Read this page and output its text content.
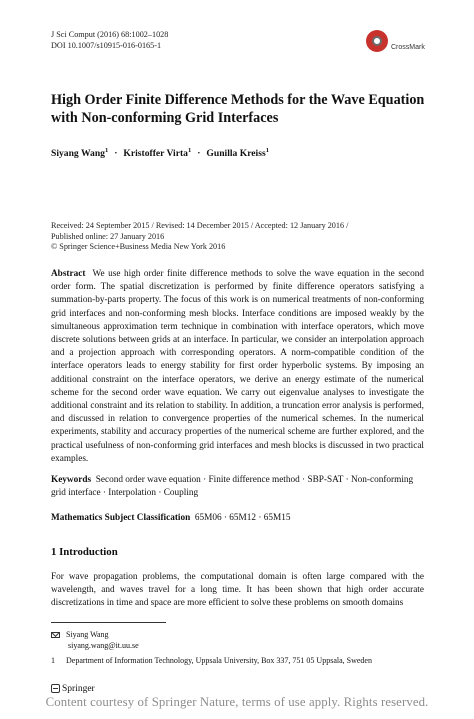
J Sci Comput (2016) 68:1002–1028
DOI 10.1007/s10915-016-0165-1	CrossMark
High Order Finite Difference Methods for the Wave Equation with Non-conforming Grid Interfaces
Siyang Wang$^1$ · Kristoffer Virta$^1$ · Gunilla Kreiss$^1$
Received: 24 September 2015 / Revised: 14 December 2015 / Accepted: 12 January 2016 /
Published online: 27 January 2016
© Springer Science+Business Media New York 2016
Abstract We use high order finite difference methods to solve the wave equation in the second order form. The spatial discretization is performed by finite difference operators satisfying a summation-by-parts property. The focus of this work is on numerical treatments of non-conforming grid interfaces and non-conforming mesh blocks. Interface conditions are imposed weakly by the simultaneous approximation term technique in combination with interface operators, which move discrete solutions between grids at an interface. In particular, we consider an interpolation approach and a projection approach with corresponding operators. A norm-compatible condition of the interface operators leads to energy stability for first order hyperbolic systems. By imposing an additional constraint on the interface operators, we derive an energy estimate of the numerical scheme for the second order wave equation. We carry out eigenvalue analyses to investigate the additional constraint and its relation to stability. In addition, a truncation error analysis is performed, and discussed in relation to convergence properties of the numerical schemes. In the numerical experiments, stability and accuracy properties of the numerical scheme are further explored, and the practical usefulness of non-conforming grid interfaces and mesh blocks is discussed in two practical examples.
Keywords Second order wave equation · Finite difference method · SBP-SAT · Non-conforming grid interface · Interpolation · Coupling
Mathematics Subject Classification 65M06 · 65M12 · 65M15
1 Introduction
For wave propagation problems, the computational domain is often large compared with the wavelength, and waves travel for a long time. It has been shown that high order accurate discretizations in time and space are more efficient to solve these problems on smooth domains
Siyang Wang
siyang.wang@it.uu.se
1 Department of Information Technology, Uppsala University, Box 337, 751 05 Uppsala, Sweden
Springer
Content courtesy of Springer Nature, terms of use apply. Rights reserved.
